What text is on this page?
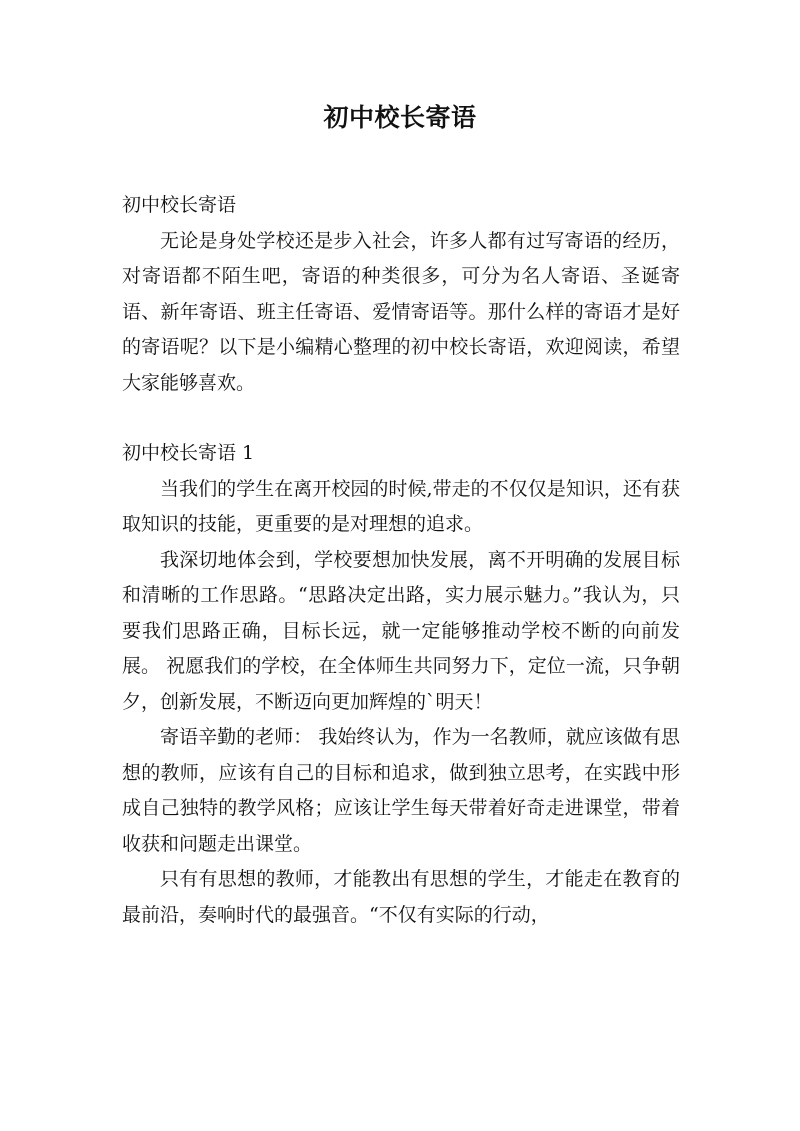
初中校长寄语

初中校长寄语

无论是身处学校还是步入社会，许多人都有过写寄语的经历，对寄语都不陌生吧，寄语的种类很多，可分为名人寄语、圣诞寄语、新年寄语、班主任寄语、爱情寄语等。那什么样的寄语才是好的寄语呢？以下是小编精心整理的初中校长寄语，欢迎阅读，希望大家能够喜欢。

初中校长寄语 1

当我们的学生在离开校园的时候,带走的不仅仅是知识，还有获取知识的技能，更重要的是对理想的追求。

我深切地体会到，学校要想加快发展，离不开明确的发展目标和清晰的工作思路。“思路决定出路，实力展示魅力。”我认为，只要我们思路正确，目标长远，就一定能够推动学校不断的向前发展。 祝愿我们的学校，在全体师生共同努力下，定位一流，只争朝夕，创新发展，不断迈向更加辉煌的`明天！

寄语辛勤的老师： 我始终认为，作为一名教师，就应该做有思想的教师，应该有自己的目标和追求，做到独立思考，在实践中形成自己独特的教学风格；应该让学生每天带着好奇走进课堂，带着收获和问题走出课堂。

只有有思想的教师，才能教出有思想的学生，才能走在教育的最前沿，奏响时代的最强音。“不仅有实际的行动，
